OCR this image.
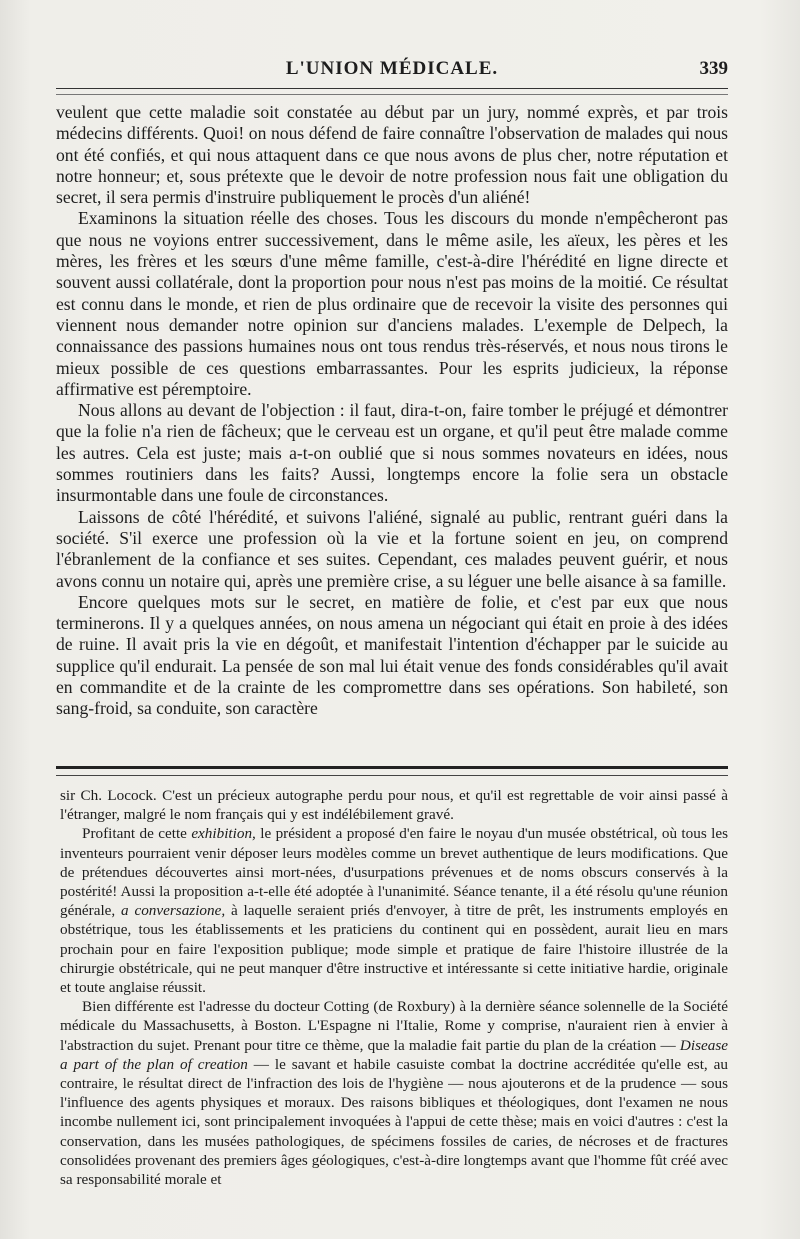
L'UNION MÉDICALE.	339

veulent que cette maladie soit constatée au début par un jury, nommé exprès, et par trois médecins différents. Quoi! on nous défend de faire connaître l'observation de malades qui nous ont été confiés, et qui nous attaquent dans ce que nous avons de plus cher, notre réputation et notre honneur; et, sous prétexte que le devoir de notre profession nous fait une obligation du secret, il sera permis d'instruire publiquement le procès d'un aliéné!

Examinons la situation réelle des choses. Tous les discours du monde n'empêcheront pas que nous ne voyions entrer successivement, dans le même asile, les aïeux, les pères et les mères, les frères et les sœurs d'une même famille, c'est-à-dire l'hérédité en ligne directe et souvent aussi collatérale, dont la proportion pour nous n'est pas moins de la moitié. Ce résultat est connu dans le monde, et rien de plus ordinaire que de recevoir la visite des personnes qui viennent nous demander notre opinion sur d'anciens malades. L'exemple de Delpech, la connaissance des passions humaines nous ont tous rendus très-réservés, et nous nous tirons le mieux possible de ces questions embarrassantes. Pour les esprits judicieux, la réponse affirmative est péremptoire.

Nous allons au devant de l'objection : il faut, dira-t-on, faire tomber le préjugé et démontrer que la folie n'a rien de fâcheux; que le cerveau est un organe, et qu'il peut être malade comme les autres. Cela est juste; mais a-t-on oublié que si nous sommes novateurs en idées, nous sommes routiniers dans les faits? Aussi, longtemps encore la folie sera un obstacle insurmontable dans une foule de circonstances.

Laissons de côté l'hérédité, et suivons l'aliéné, signalé au public, rentrant guéri dans la société. S'il exerce une profession où la vie et la fortune soient en jeu, on comprend l'ébranlement de la confiance et ses suites. Cependant, ces malades peuvent guérir, et nous avons connu un notaire qui, après une première crise, a su léguer une belle aisance à sa famille.

Encore quelques mots sur le secret, en matière de folie, et c'est par eux que nous terminerons. Il y a quelques années, on nous amena un négociant qui était en proie à des idées de ruine. Il avait pris la vie en dégoût, et manifestait l'intention d'échapper par le suicide au supplice qu'il endurait. La pensée de son mal lui était venue des fonds considérables qu'il avait en commandite et de la crainte de les compromettre dans ses opérations. Son habileté, son sang-froid, sa conduite, son caractère

sir Ch. Locock. C'est un précieux autographe perdu pour nous, et qu'il est regrettable de voir ainsi passé à l'étranger, malgré le nom français qui y est indélébilement gravé.

Profitant de cette exhibition, le président a proposé d'en faire le noyau d'un musée obstétrical, où tous les inventeurs pourraient venir déposer leurs modèles comme un brevet authentique de leurs modifications. Que de prétendues découvertes ainsi mort-nées, d'usurpations prévenues et de noms obscurs conservés à la postérité! Aussi la proposition a-t-elle été adoptée à l'unanimité. Séance tenante, il a été résolu qu'une réunion générale, a conversazione, à laquelle seraient priés d'envoyer, à titre de prêt, les instruments employés en obstétrique, tous les établissements et les praticiens du continent qui en possèdent, aurait lieu en mars prochain pour en faire l'exposition publique; mode simple et pratique de faire l'histoire illustrée de la chirurgie obstétricale, qui ne peut manquer d'être instructive et intéressante si cette initiative hardie, originale et toute anglaise réussit.

Bien différente est l'adresse du docteur Cotting (de Roxbury) à la dernière séance solennelle de la Société médicale du Massachusetts, à Boston. L'Espagne ni l'Italie, Rome y comprise, n'auraient rien à envier à l'abstraction du sujet. Prenant pour titre ce thème, que la maladie fait partie du plan de la création — Disease a part of the plan of creation — le savant et habile casuiste combat la doctrine accréditée qu'elle est, au contraire, le résultat direct de l'infraction des lois de l'hygiène — nous ajouterons et de la prudence — sous l'influence des agents physiques et moraux. Des raisons bibliques et théologiques, dont l'examen ne nous incombe nullement ici, sont principalement invoquées à l'appui de cette thèse; mais en voici d'autres : c'est la conservation, dans les musées pathologiques, de spécimens fossiles de caries, de nécroses et de fractures consolidées provenant des premiers âges géologiques, c'est-à-dire longtemps avant que l'homme fût créé avec sa responsabilité morale et
